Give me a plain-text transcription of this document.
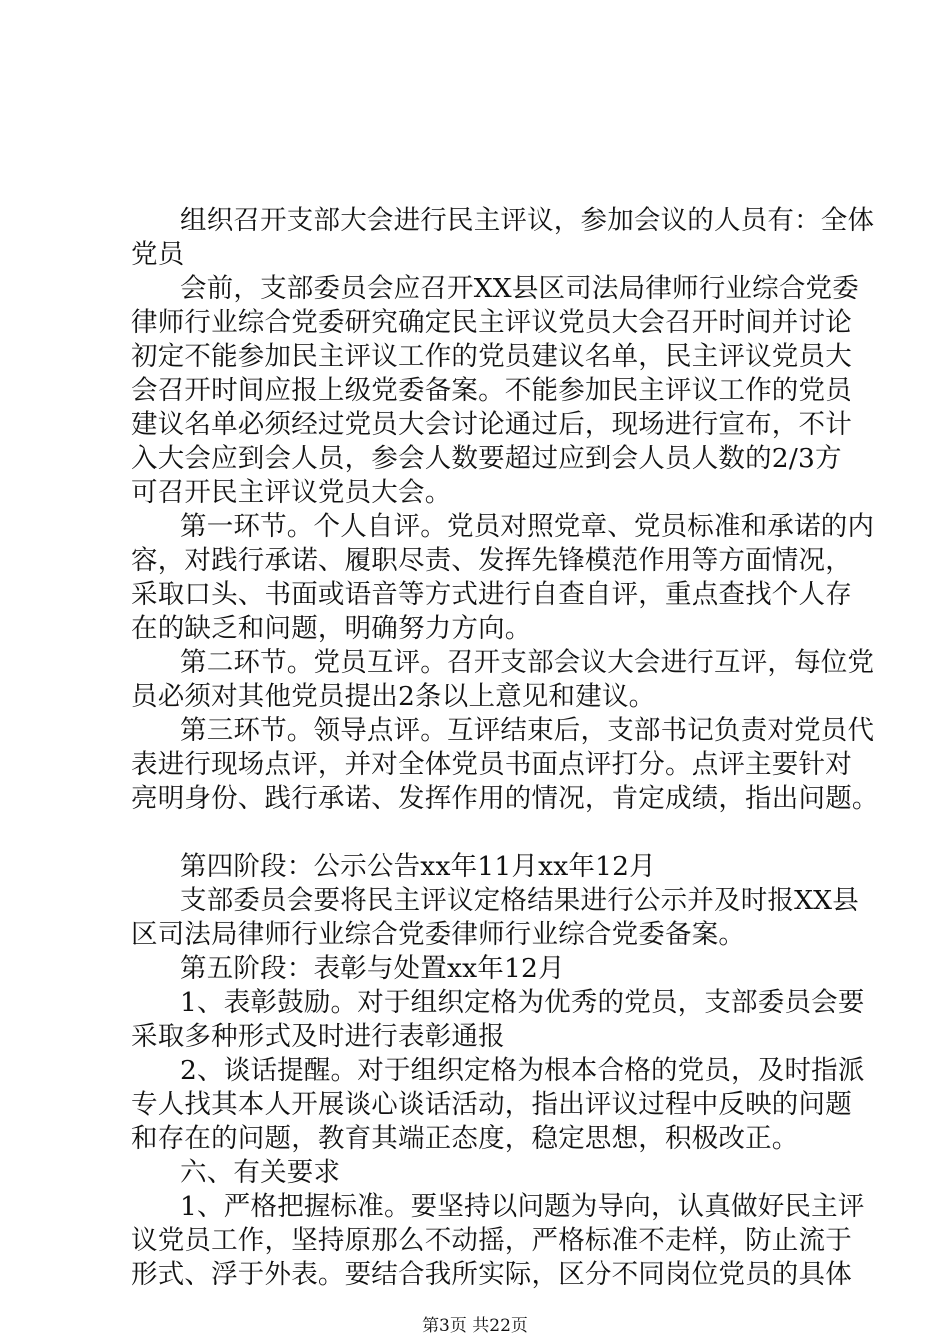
组织召开支部大会进行民主评议，参加会议的人员有：全体
党员
会前，支部委员会应召开XX县区司法局律师行业综合党委
律师行业综合党委研究确定民主评议党员大会召开时间并讨论
初定不能参加民主评议工作的党员建议名单，民主评议党员大
会召开时间应报上级党委备案。不能参加民主评议工作的党员
建议名单必须经过党员大会讨论通过后，现场进行宣布，不计
入大会应到会人员，参会人数要超过应到会人员人数的2/3方
可召开民主评议党员大会。
第一环节。个人自评。党员对照党章、党员标准和承诺的内
容，对践行承诺、履职尽责、发挥先锋模范作用等方面情况，
采取口头、书面或语音等方式进行自查自评，重点查找个人存
在的缺乏和问题，明确努力方向。
第二环节。党员互评。召开支部会议大会进行互评，每位党
员必须对其他党员提出2条以上意见和建议。
第三环节。领导点评。互评结束后，支部书记负责对党员代
表进行现场点评，并对全体党员书面点评打分。点评主要针对
亮明身份、践行承诺、发挥作用的情况，肯定成绩，指出问题。
第四阶段：公示公告xx年11月xx年12月
支部委员会要将民主评议定格结果进行公示并及时报XX县
区司法局律师行业综合党委律师行业综合党委备案。
第五阶段：表彰与处置xx年12月
1、表彰鼓励。对于组织定格为优秀的党员，支部委员会要
采取多种形式及时进行表彰通报
2、谈话提醒。对于组织定格为根本合格的党员，及时指派
专人找其本人开展谈心谈话活动，指出评议过程中反映的问题
和存在的问题，教育其端正态度，稳定思想，积极改正。
六、有关要求
1、严格把握标准。要坚持以问题为导向，认真做好民主评
议党员工作，坚持原那么不动摇，严格标准不走样，防止流于
形式、浮于外表。要结合我所实际，区分不同岗位党员的具体
第3页 共22页
